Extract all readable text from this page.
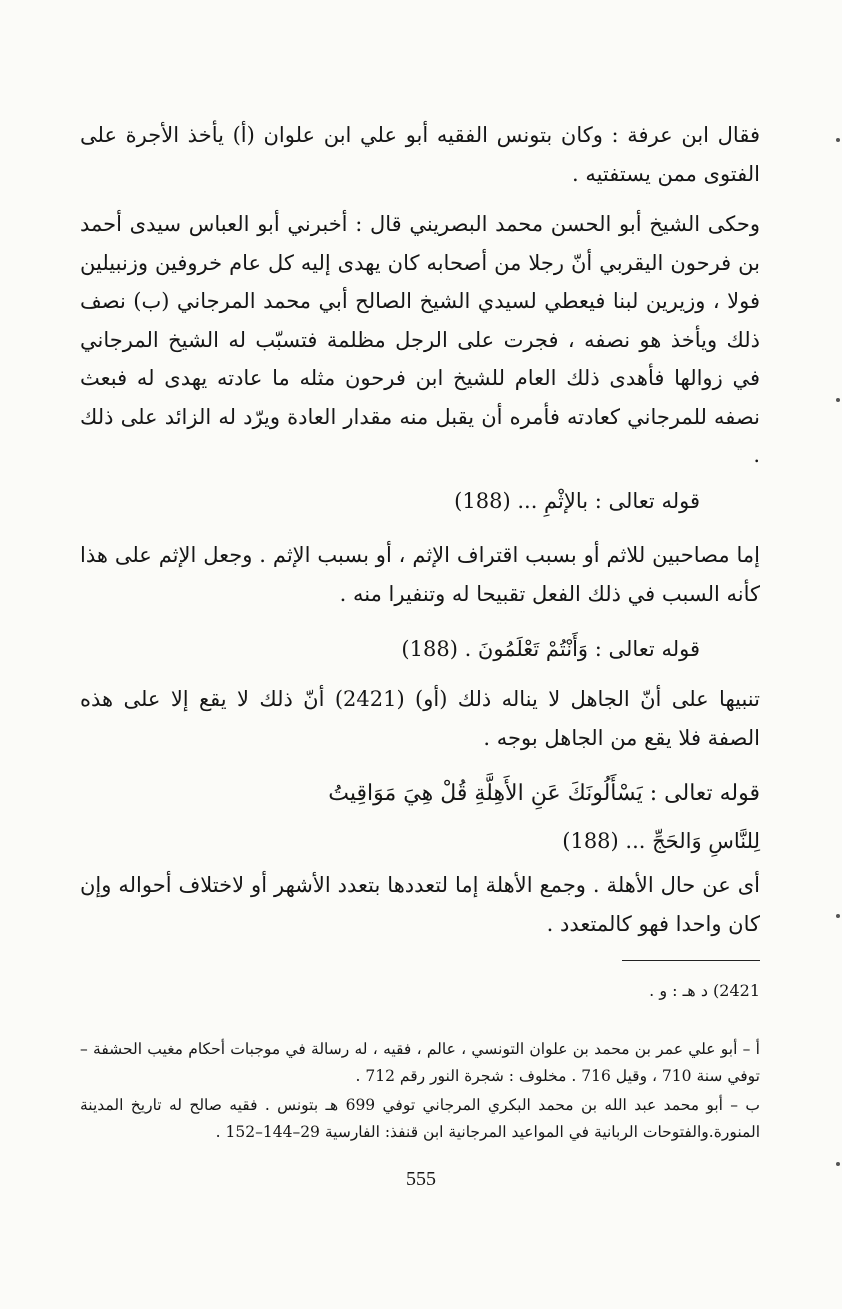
فقال ابن عرفة : وكان بتونس الفقيه أبو علي ابن علوان (أ) يأخذ الأجرة على الفتوى ممن يستفتيه .
وحكى الشيخ أبو الحسن محمد البصريني قال : أخبرني أبو العباس سيدى أحمد بن فرحون اليقربي أنّ رجلا من أصحابه كان يهدى إليه كل عام خروفين وزنبيلين فولا ، وزيرين لبنا فيعطي لسيدي الشيخ الصالح أبي محمد المرجاني (ب) نصف ذلك ويأخذ هو نصفه ، فجرت على الرجل مظلمة فتسبّب له الشيخ المرجاني في زوالها فأهدى ذلك العام للشيخ ابن فرحون مثله ما عادته يهدى له فبعث نصفه للمرجاني كعادته فأمره أن يقبل منه مقدار العادة ويرّد له الزائد على ذلك .
قوله تعالى : بالإثْمِ ... (188)
إما مصاحبين للاثم أو بسبب اقتراف الإثم ، أو بسبب الإثم . وجعل الإثم على هذا كأنه السبب في ذلك الفعل تقبيحا له وتنفيرا منه .
قوله تعالى : وَأَنْتُمْ تَعْلَمُونَ . (188)
تنبيها على أنّ الجاهل لا يناله ذلك (أو) (2421) أنّ ذلك لا يقع إلا على هذه الصفة فلا يقع من الجاهل بوجه .
قوله تعالى : يَسْأَلُونَكَ عَنِ الأَهِلَّةِ قُلْ هِيَ مَوَاقِيتُ
لِلنَّاسِ وَالحَجِّ ... (188)
أى عن حال الأهلة . وجمع الأهلة إما لتعددها بتعدد الأشهر أو لاختلاف أحواله وإن كان واحدا فهو كالمتعدد .
2421) د هـ : و .
أ – أبو علي عمر بن محمد بن علوان التونسي ، عالم ، فقيه ، له رسالة في موجبات أحكام مغيب الحشفة – توفي سنة 710 ، وقيل 716 . مخلوف : شجرة النور رقم 712 .
ب – أبو محمد عبد الله بن محمد البكري المرجاني توفي 699 هـ بتونس . فقيه صالح له تاريخ المدينة المنورة.والفتوحات الربانية في المواعيد المرجانية ابن قنفذ: الفارسية 29–144–152 .
555
